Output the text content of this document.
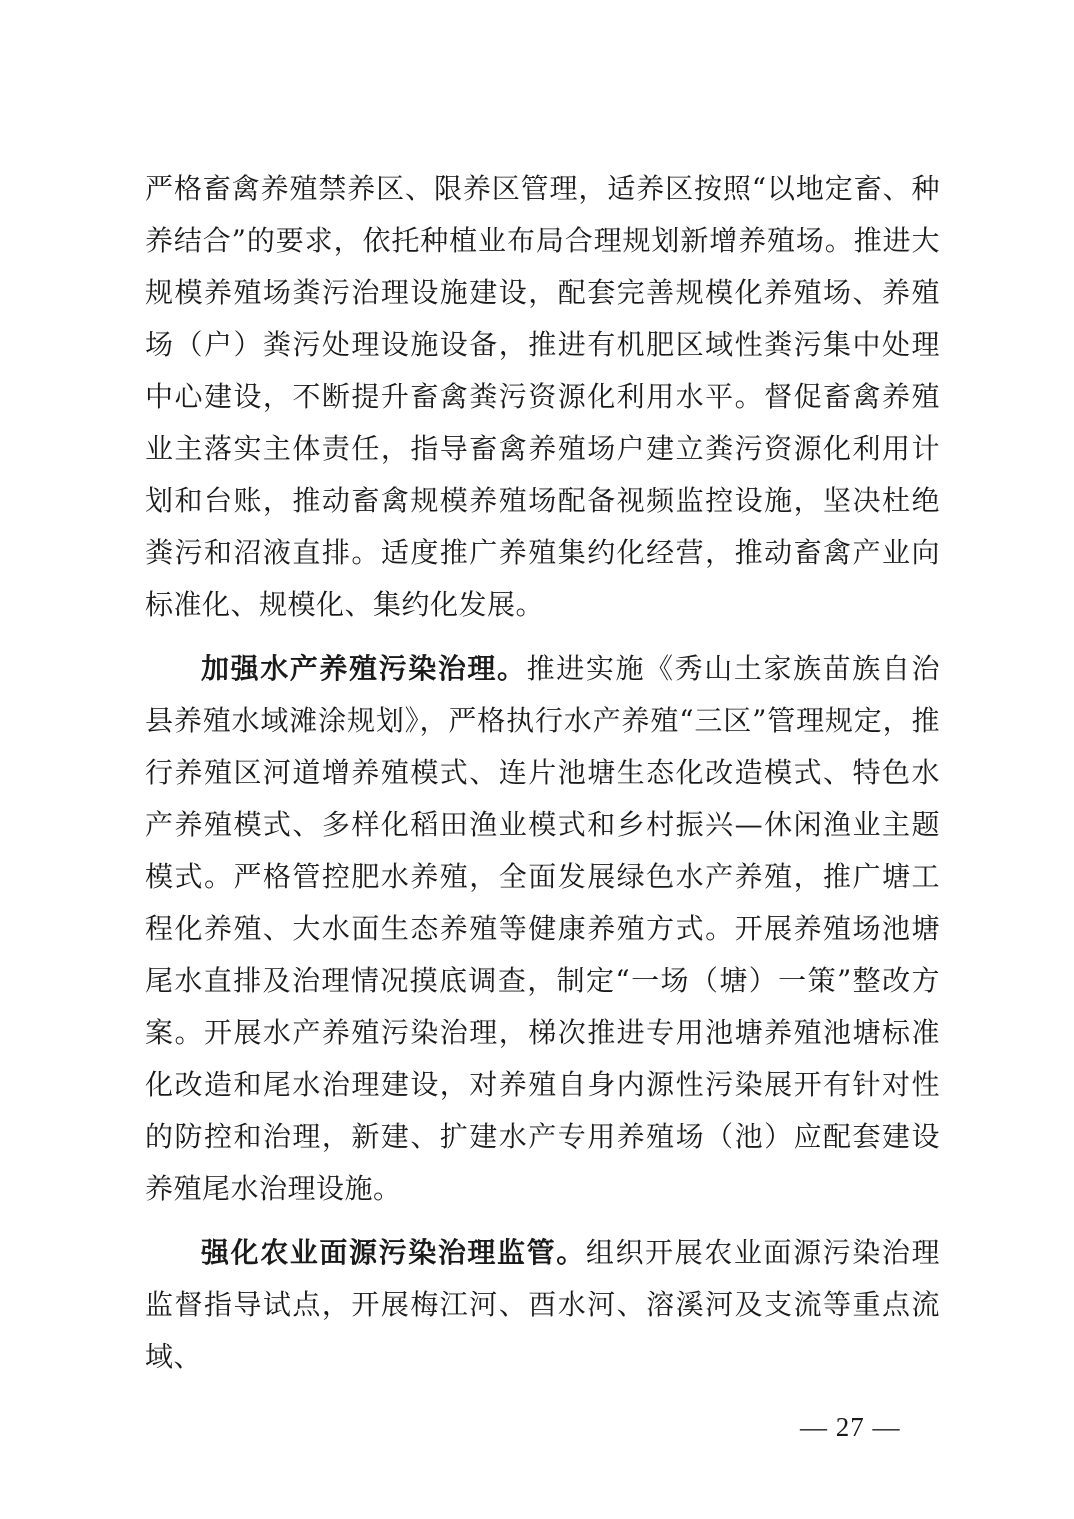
严格畜禽养殖禁养区、限养区管理，适养区按照“以地定畜、种养结合”的要求，依托种植业布局合理规划新增养殖场。推进大规模养殖场粪污治理设施建设，配套完善规模化养殖场、养殖场（户）粪污处理设施设备，推进有机肥区域性粪污集中处理中心建设，不断提升畜禽粪污资源化利用水平。督促畜禽养殖业主落实主体责任，指导畜禽养殖场户建立粪污资源化利用计划和台账，推动畜禽规模养殖场配备视频监控设施，坚决杜绝粪污和沼液直排。适度推广养殖集约化经营，推动畜禽产业向标准化、规模化、集约化发展。

加强水产养殖污染治理。推进实施《秀山土家族苗族自治县养殖水域滩涂规划》，严格执行水产养殖“三区”管理规定，推行养殖区河道增养殖模式、连片池塘生态化改造模式、特色水产养殖模式、多样化稻田渔业模式和乡村振兴—休闲渔业主题模式。严格管控肥水养殖，全面发展绿色水产养殖，推广塘工程化养殖、大水面生态养殖等健康养殖方式。开展养殖场池塘尾水直排及治理情况摸底调查，制定“一场（塘）一策”整改方案。开展水产养殖污染治理，梯次推进专用池塘养殖池塘标准化改造和尾水治理建设，对养殖自身内源性污染展开有针对性的防控和治理，新建、扩建水产专用养殖场（池）应配套建设养殖尾水治理设施。

强化农业面源污染治理监管。组织开展农业面源污染治理监督指导试点，开展梅江河、酉水河、溶溪河及支流等重点流域、

— 27 —
